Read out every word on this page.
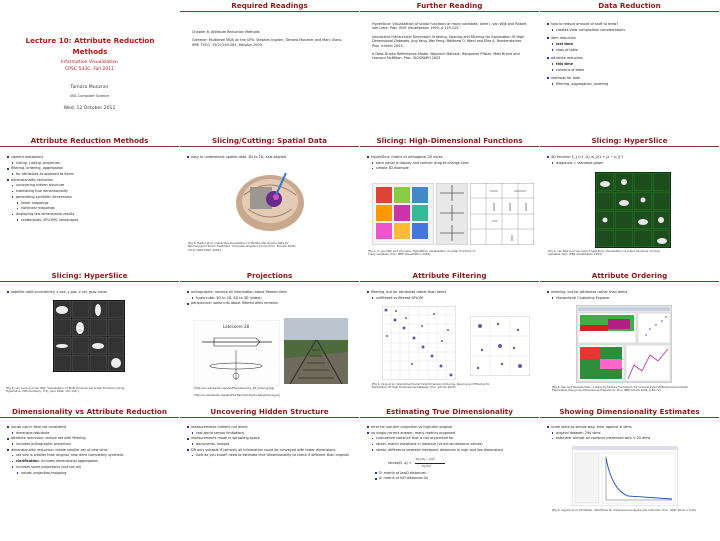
Lecture 10: Attribute Reduction Methods
Information Visualization
CPSC 533C, Fall 2011
Tamara Munzner
UBC Computer Science
Wed, 12 October 2011
Required Readings
Chapter 8: Attribute Reduction Methods
Glimmer: Multilevel MDS on the GPU. Stephen Ingram, Tamara Munzner and Marc Olano. IEEE TVCG, 15(2):249-261, Mar/Apr 2009.
Further Reading
HyperSlice: Visualization of scalar functions of many variables. Jarke J. van Wijk and Robert van Liere. Proc. IEEE Visualization 1993, p.119-125.
Interactive Hierarchical Dimension Ordering, Spacing and Filtering for Exploration Of High Dimensional Datasets. Jing Yang, Wei Peng, Matthew O. Ward and Elke A. Rundensteiner. Proc. InfoVis 2003.
A Data-Driven Reflectance Model. Wojciech Matusik, Hanspeter Pfister, Matt Brand and Leonard McMillan. Proc. SIGGRAPH 2003
Data Reduction
how to reduce amount of stuff to draw?
creates view composition considerations
item reduction
last time
rows of table
attribute reduction
this time
columns of table
methods for both
filtering, aggregation, ordering
Attribute Reduction Methods
camera metaphors
slicing, cutting, projection
filtering, ordering, aggregation
for attributes as opposed to items
dimensionality reduction
uncovering hidden structure
estimating true dimensionality
generating synthetic dimensions
linear mappings
nonlinear mappings
displaying low-dimensional results
scatterplots, SPLOMS, landscapes
Slicing/Cutting: Spatial Data
easy to understand: spatial data, 3D to 2D, axis aligned
[Fig 6. Rieder et al. Interactive Visualization of Multimodal Volume Data for Neurosurgical Tumor Treatment. Computer Graphics Forum (Proc. EuroVis 2008) 27(3):1055-1062, 2008.]
Slicing: High-Dimensional Functions
HyperSlice: matrix of orthogonal 2D slices
each panel is display and control: drag to change slice
simple 3D example
[Fig 1, 3, van Wijk and van Liere. HyperSlice: Visualization of scalar functions of many variables. Proc. IEEE Visualization 1993]
Slicing: HyperSlice
4D function Σ_{i=1..4} w_i/(1 + |x − p_i|²)
diagonals = standard graph
[Fig 4, van Wijk and van Liere. HyperSlice: Visualization of scalar functions of many variables. Proc. IEEE Visualization 1993]
Slicing: HyperSlice
satellite orbit eccentricity: x pos, y pos, z vel, grav const
[Fig 6, van Liere and van Wijk. Visualization of Multi-Dimensional Scalar Functions Using HyperSlice. CWI Quarterly, 7(2), June 1994, 147-158. ]
Projections
orthographic: remove all information about filtered dims
hypercube: 3D to 2D, 4D to 3D (video)
perspective: some info about filtered dims remains
Latecoere 28
[http://en.wikipedia.org/wiki/File:Latecoere_28_drawing.jpg]
http://en.wikipedia.org/wiki/File:Railroad-Tracks-Perspective.jpg]
Attribute Filtering
filtering, but for attributes rather than items
unfiltered vs filtered SPLOM
[Fig 4, Yang et al. Interactive Hierarchical Dimension Ordering, Spacing and Filtering for Exploration Of High Dimensional Datasets. Proc. InfoVis 2003]
Attribute Ordering
ordering, but for attributes rather than items
Hierarchical Clustering Explorer
[Fig 5, Seo and Shneiderman. A Rank-by-Feature Framework for Unsupervised Multidimensional Data Exploration Using Low Dimensional Projections. Proc. IEEE InfoVis 2004, p.65-72]
Dimensionality vs Attribute Reduction
vocab use in field not consistent
dimension/attribute
attribute reduction: reduce set with filtering
includes orthographic projection
dimensionality reduction: create smaller set of new dims
set size is smaller than original, new dims completely synthetic
clarification: includes dimensional aggregation
includes some projections (but not all)
vocab: projection/mapping
Uncovering Hidden Structure
measurements indirect not direct
real-world sensor limitations
measurements made in sprawling space
documents, images
DR only suitable if (almost) all information could be conveyed with fewer dimensions
how do you know? need to estimate true dimensionality to check if different than original!
Estimating True Dimensionality
error for low-dim projection vs high-dim original
no single correct answer; many metrics proposed
cumulative variance that is not accounted for
strain: match variations in distance (vs actual distance values)
stress: difference between interpoint distances in high and low dimensions
stress(D, Δ) =
Σij (dij − δij)²
Σij δij²
D: matrix of lowD distances
Δ: matrix of hiD distances δij
Showing Dimensionality Estimates
scree plots as simple way: error against # dims
original dataset: 294 dims
estimate: almost all variance preserved with < 20 dims
[Fig 2, Ingram et al. DimStiller: Workflows for dimensional analysis and reduction. Proc. VAST 2010, p.3-10]
